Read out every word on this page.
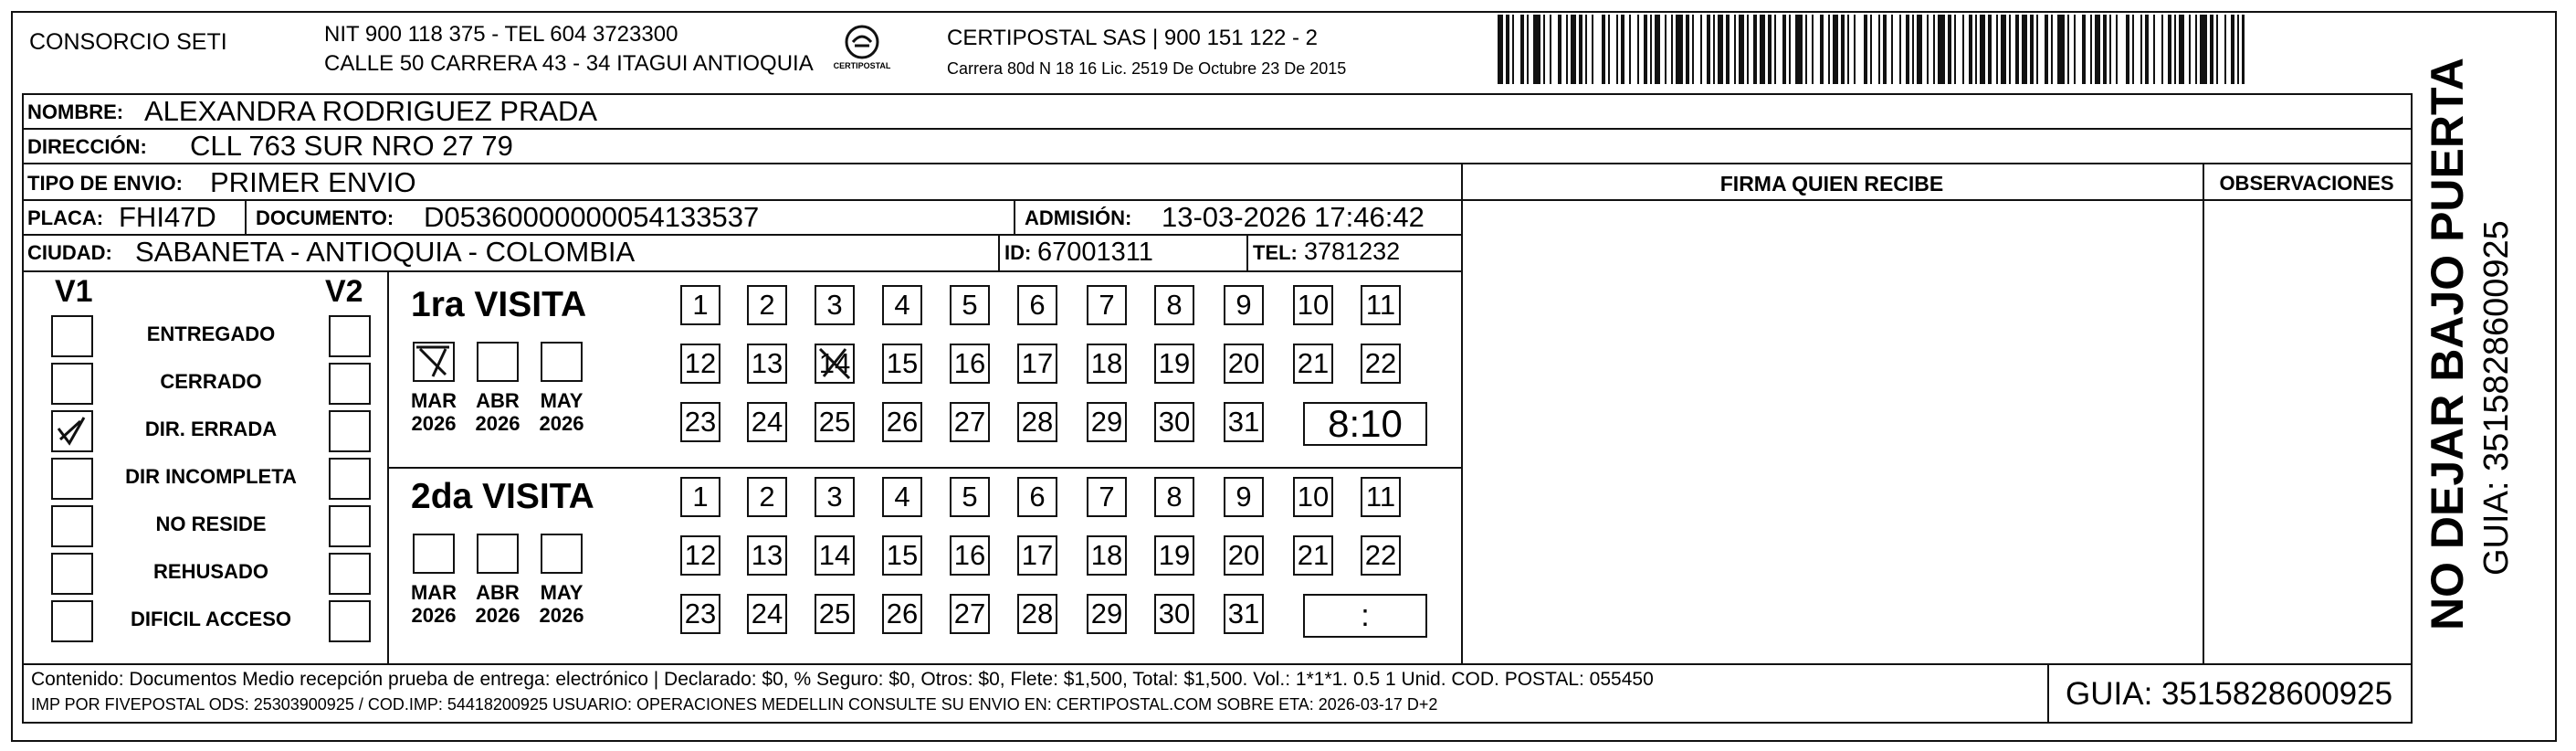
CONSORCIO SETI	NIT 900 118 375 - TEL 604 3723300
CALLE 50 CARRERA 43 - 34 ITAGUI ANTIOQUIA CERTIPOSTAL
CERTIPOSTAL SAS | 900 151 122 - 2
Carrera 80d N 18 16 Lic. 2519 De Octubre 23 De 2015
NOMBRE: ALEXANDRA RODRIGUEZ PRADA
DIRECCIÓN: CLL 763 SUR NRO 27 79
TIPO DE ENVIO: PRIMER ENVIO	FIRMA QUIEN RECIBE	OBSERVACIONES
PLACA: FHI47D DOCUMENTO: D05360000000054133537	ADMISIÓN: 13-03-2026 17:46:42
CIUDAD: SABANETA - ANTIOQUIA - COLOMBIA	ID: 67001311	TEL: 3781232
V1	V2
ENTREGADO
CERRADO
DIR. ERRADA
DIR INCOMPLETA
NO RESIDE
REHUSADO
DIFICIL ACCESO
1ra VISITA
2da VISITA
MAR
2026
ABR
2026
MAY
2026
1	2	3	4	5	6	7	8	9	10 11
12 13 14 15 16 17 18 19 20 21 22
23 24 25 26 27 28 29 30 31	8:10
MAR
2026
ABR
2026
MAY
2026
1	2	3	4	5	6	7	8	9	10 11
12 13 14 15 16 17 18 19 20 21 22
23 24 25 26 27 28 29 30 31	:	NO DEJAR BAJO PUERTA GUIA: 3515828600925
Contenido: Documentos Medio recepción prueba de entrega: electrónico | Declarado: $0, % Seguro: $0, Otros: $0, Flete: $1,500, Total: $1,500. Vol.: 1*1*1. 0.5 1 Unid. COD. POSTAL: 055450
IMP POR FIVEPOSTAL ODS: 25303900925 / COD.IMP: 54418200925 USUARIO: OPERACIONES MEDELLIN CONSULTE SU ENVIO EN: CERTIPOSTAL.COM SOBRE ETA: 2026-03-17 D+2	GUIA: 3515828600925
